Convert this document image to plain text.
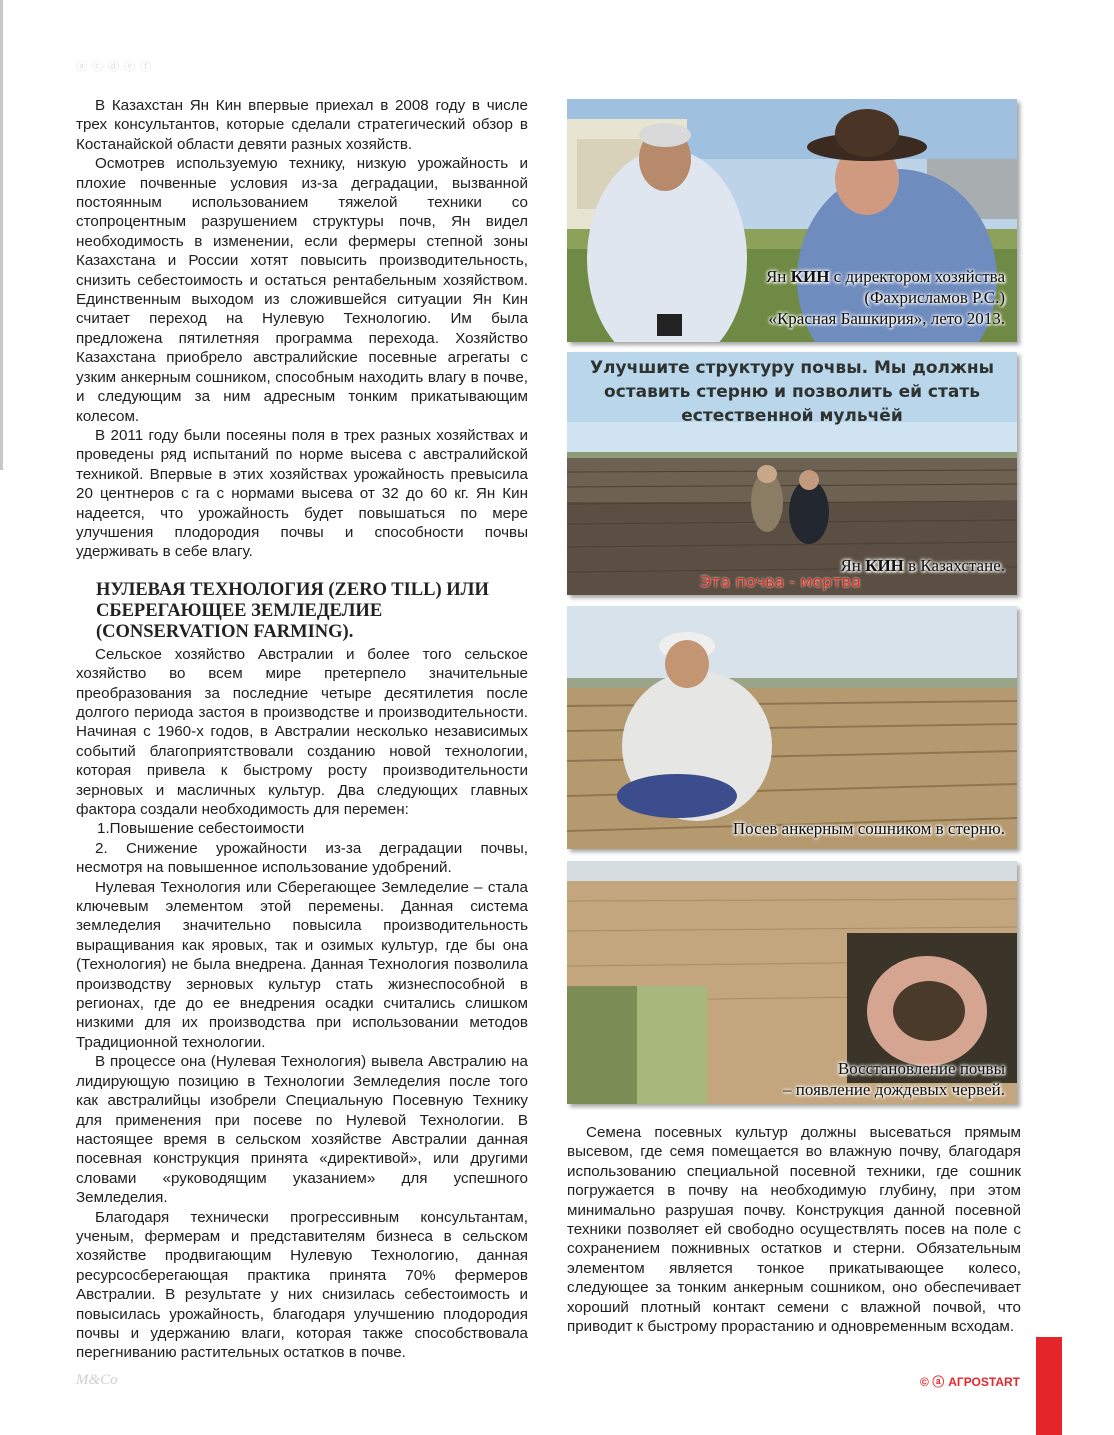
ⓐ ⓒ ⓓ ⓔ ⓕ

В Казахстан Ян Кин впервые приехал в 2008 году в числе трех консультантов, которые сделали стратегический обзор в Костанайской области девяти разных хозяйств.

Осмотрев используемую технику, низкую урожайность и плохие почвенные условия из-за деградации, вызванной постоянным использованием тяжелой техники со стопроцентным разрушением структуры почв, Ян видел необходимость в изменении, если фермеры степной зоны Казахстана и России хотят повысить производительность, снизить себестоимость и остаться рентабельным хозяйством. Единственным выходом из сложившейся ситуации Ян Кин считает переход на Нулевую Технологию. Им была предложена пятилетняя программа перехода. Хозяйство Казахстана приобрело австралийские посевные агрегаты с узким анкерным сошником, способным находить влагу в почве, и следующим за ним адресным тонким прикатывающим колесом.

В 2011 году были посеяны поля в трех разных хозяйствах и проведены ряд испытаний по норме высева с австралийской техникой. Впервые в этих хозяйствах урожайность превысила 20 центнеров с га с нормами высева от 32 до 60 кг. Ян Кин надеется, что урожайность будет повышаться по мере улучшения плодородия почвы и способности почвы удерживать в себе влагу.

НУЛЕВАЯ ТЕХНОЛОГИЯ (ZERO TILL) ИЛИ СБЕРЕГАЮЩЕЕ ЗЕМЛЕДЕЛИЕ (CONSERVATION FARMING).

Сельское хозяйство Австралии и более того сельское хозяйство во всем мире претерпело значительные преобразования за последние четыре десятилетия после долгого периода застоя в производстве и производительности. Начиная с 1960-х годов, в Австралии несколько независимых событий благоприятствовали созданию новой технологии, которая привела к быстрому росту производительности зерновых и масличных культур. Два следующих главных фактора создали необходимость для перемен:

1.Повышение себестоимости

2. Снижение урожайности из-за деградации почвы, несмотря на повышенное использование удобрений.

Нулевая Технология или Сберегающее Земледелие – стала ключевым элементом этой перемены. Данная система земледелия значительно повысила производительность выращивания как яровых, так и озимых культур, где бы она (Технология) не была внедрена. Данная Технология позволила производству зерновых культур стать жизнеспособной в регионах, где до ее внедрения осадки считались слишком низкими для их производства при использовании методов Традиционной технологии.

В процессе она (Нулевая Технология) вывела Австралию на лидирующую позицию в Технологии Земледелия после того как австралийцы изобрели Специальную Посевную Технику для применения при посеве по Нулевой Технологии. В настоящее время в сельском хозяйстве Австралии данная посевная конструкция принята «директивой», или другими словами «руководящим указанием» для успешного Земледелия.

Благодаря технически прогрессивным консультантам, ученым, фермерам и представителям бизнеса в сельском хозяйстве продвигающим Нулевую Технологию, данная ресурсосберегающая практика принята 70% фермеров Австралии. В результате у них снизилась себестоимость и повысилась урожайность, благодаря улучшению плодородия почвы и удержанию влаги, которая также способствовала перегниванию растительных остатков в почве.

Ян КИН с директором хозяйства
(Фахрисламов Р.С.)
«Красная Башкирия», лето 2013.
Улучшите структуру почвы. Мы должны
оставить стерню и позволить ей стать
естественной мульчёй
Ян КИН в Казахстане.
Эта почва - мертва
Посев анкерным сошником в стерню.
Восстановление почвы
– появление дождевых червей.

Семена посевных культур должны высеваться прямым высевом, где семя помещается во влажную почву, благодаря использованию специальной посевной техники, где сошник погружается в почву на необходимую глубину, при этом минимально разрушая почву. Конструкция данной посевной техники позволяет ей свободно осуществлять посев на поле с сохранением пожнивных остатков и стерни. Обязательным элементом является тонкое прикатывающее колесо, следующее за тонким анкерным сошником, оно обеспечивает хороший плотный контакт семени с влажной почвой, что приводит к быстрому прорастанию и одновременным всходам.

M&Co	© ⓐ АГРОSTART
